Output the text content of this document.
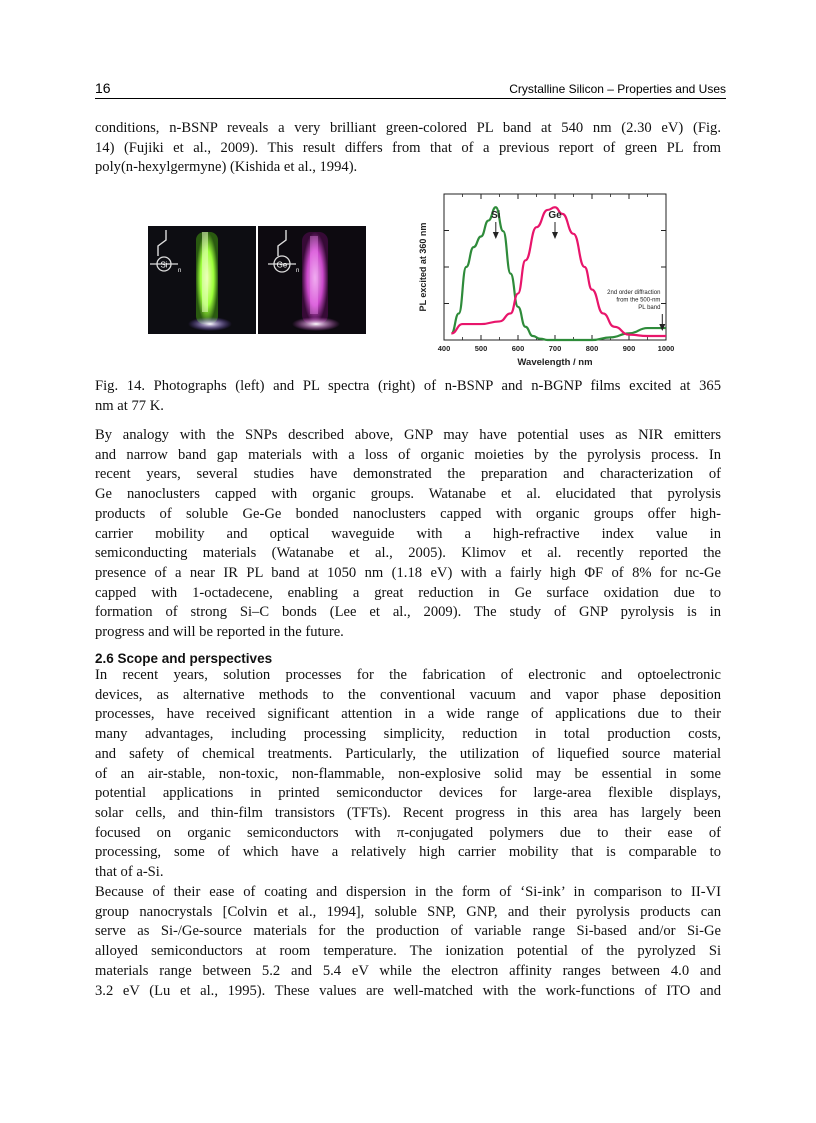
16	Crystalline Silicon – Properties and Uses
conditions, n-BSNP reveals a very brilliant green-colored PL band at 540 nm (2.30 eV) (Fig.
14) (Fujiki et al., 2009). This result differs from that of a previous report of green PL from
poly(n-hexylgermyne) (Kishida et al., 1994).
Si
n
Ge
n
400	500	600	700	800	900	1000
Si	Ge
2nd order diffraction
from the 500-nm
PL band
Wavelength / nm
PL excited at 360 nm
Fig. 14. Photographs (left) and PL spectra (right) of n-BSNP and n-BGNP films excited at 365
nm at 77 K.
By analogy with the SNPs described above, GNP may have potential uses as NIR emitters
and narrow band gap materials with a loss of organic moieties by the pyrolysis process. In
recent years, several studies have demonstrated the preparation and characterization of
Ge nanoclusters capped with organic groups. Watanabe et al. elucidated that pyrolysis
products of soluble Ge-Ge bonded nanoclusters capped with organic groups offer high-
carrier mobility and optical waveguide with a high-refractive index value in
semiconducting materials (Watanabe et al., 2005). Klimov et al. recently reported the
presence of a near IR PL band at 1050 nm (1.18 eV) with a fairly high ΦF of 8% for nc-Ge
capped with 1-octadecene, enabling a great reduction in Ge surface oxidation due to
formation of strong Si–C bonds (Lee et al., 2009). The study of GNP pyrolysis is in
progress and will be reported in the future.
2.6 Scope and perspectives
In recent years, solution processes for the fabrication of electronic and optoelectronic
devices, as alternative methods to the conventional vacuum and vapor phase deposition
processes, have received significant attention in a wide range of applications due to their
many advantages, including processing simplicity, reduction in total production costs,
and safety of chemical treatments. Particularly, the utilization of liquefied source material
of an air-stable, non-toxic, non-flammable, non-explosive solid may be essential in some
potential applications in printed semiconductor devices for large-area flexible displays,
solar cells, and thin-film transistors (TFTs). Recent progress in this area has largely been
focused on organic semiconductors with π-conjugated polymers due to their ease of
processing, some of which have a relatively high carrier mobility that is comparable to
that of a-Si.
Because of their ease of coating and dispersion in the form of ‘Si-ink’ in comparison to II-VI
group nanocrystals [Colvin et al., 1994], soluble SNP, GNP, and their pyrolysis products can
serve as Si-/Ge-source materials for the production of variable range Si-based and/or Si-Ge
alloyed semiconductors at room temperature. The ionization potential of the pyrolyzed Si
materials range between 5.2 and 5.4 eV while the electron affinity ranges between 4.0 and
3.2 eV (Lu et al., 1995). These values are well-matched with the work-functions of ITO and
